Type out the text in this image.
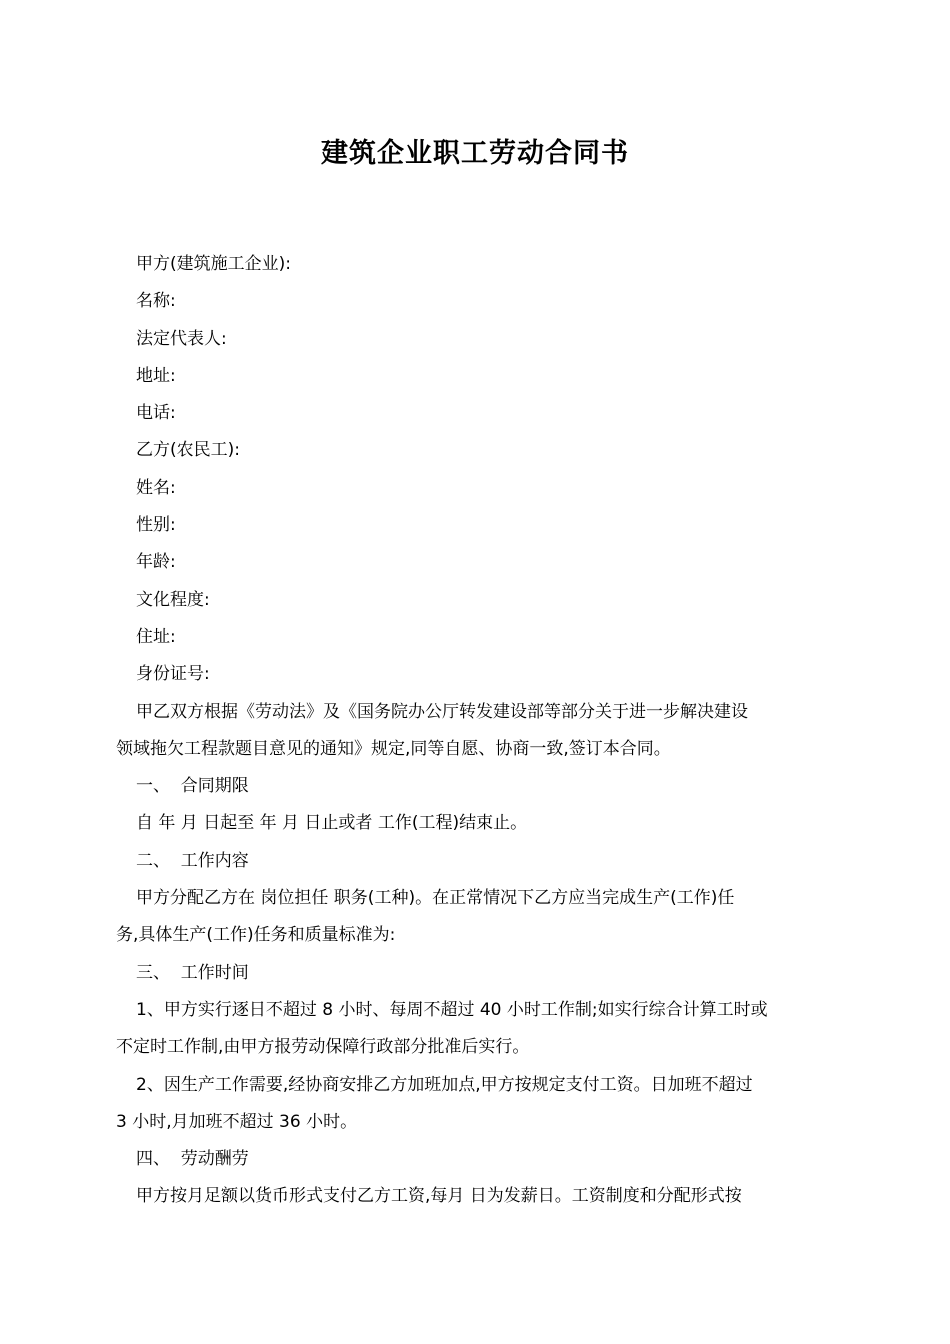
建筑企业职工劳动合同书

甲方(建筑施工企业):

名称:

法定代表人:

地址:

电话:

乙方(农民工):

姓名:

性别:

年龄:

文化程度:

住址:

身份证号:

甲乙双方根据《劳动法》及《国务院办公厅转发建设部等部分关于进一步解决建设

领域拖欠工程款题目意见的通知》规定,同等自愿、协商一致,签订本合同。

一、  合同期限

自 年 月 日起至 年 月 日止或者 工作(工程)结束止。

二、  工作内容

甲方分配乙方在 岗位担任 职务(工种)。在正常情况下乙方应当完成生产(工作)任

务,具体生产(工作)任务和质量标准为:

三、  工作时间

1、甲方实行逐日不超过 8 小时、每周不超过 40 小时工作制;如实行综合计算工时或

不定时工作制,由甲方报劳动保障行政部分批准后实行。

2、因生产工作需要,经协商安排乙方加班加点,甲方按规定支付工资。日加班不超过

3 小时,月加班不超过 36 小时。

四、  劳动酬劳

甲方按月足额以货币形式支付乙方工资,每月 日为发薪日。工资制度和分配形式按
